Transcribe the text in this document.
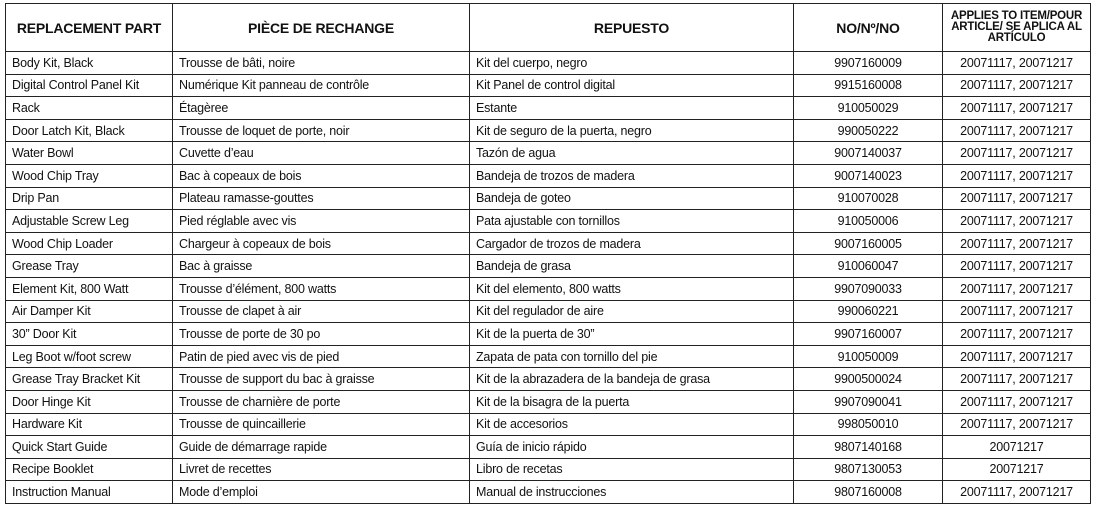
REPLACEMENT PART	PIÈCE DE RECHANGE	REPUESTO	NO/Nº/NO	APPLIES TO ITEM/POUR ARTICLE/ SE APLICA AL ARTÍCULO
Body Kit, Black	Trousse de bâti, noire	Kit del cuerpo, negro	9907160009	20071117, 20071217
Digital Control Panel Kit	Numérique Kit panneau de contrôle	Kit Panel de control digital	9915160008	20071117, 20071217
Rack	Étagèree	Estante	910050029	20071117, 20071217
Door Latch Kit, Black	Trousse de loquet de porte, noir	Kit de seguro de la puerta, negro	990050222	20071117, 20071217
Water Bowl	Cuvette d’eau	Tazón de agua	9007140037	20071117, 20071217
Wood Chip Tray	Bac à copeaux de bois	Bandeja de trozos de madera	9007140023	20071117, 20071217
Drip Pan	Plateau ramasse-gouttes	Bandeja de goteo	910070028	20071117, 20071217
Adjustable Screw Leg	Pied réglable avec vis	Pata ajustable con tornillos	910050006	20071117, 20071217
Wood Chip Loader	Chargeur à copeaux de bois	Cargador de trozos de madera	9007160005	20071117, 20071217
Grease Tray	Bac à graisse	Bandeja de grasa	910060047	20071117, 20071217
Element Kit, 800 Watt	Trousse d’élément, 800 watts	Kit del elemento, 800 watts	9907090033	20071117, 20071217
Air Damper Kit	Trousse de clapet à air	Kit del regulador de aire	990060221	20071117, 20071217
30” Door Kit	Trousse de porte de 30 po	Kit de la puerta de 30”	9907160007	20071117, 20071217
Leg Boot w/foot screw	Patin de pied avec vis de pied	Zapata de pata con tornillo del pie	910050009	20071117, 20071217
Grease Tray Bracket Kit	Trousse de support du bac à graisse	Kit de la abrazadera de la bandeja de grasa	9900500024	20071117, 20071217
Door Hinge Kit	Trousse de charnière de porte	Kit de la bisagra de la puerta	9907090041	20071117, 20071217
Hardware Kit	Trousse de quincaillerie	Kit de accesorios	998050010	20071117, 20071217
Quick Start Guide	Guide de démarrage rapide	Guía de inicio rápido	9807140168	20071217
Recipe Booklet	Livret de recettes	Libro de recetas	9807130053	20071217
Instruction Manual	Mode d’emploi	Manual de instrucciones	9807160008	20071117, 20071217
